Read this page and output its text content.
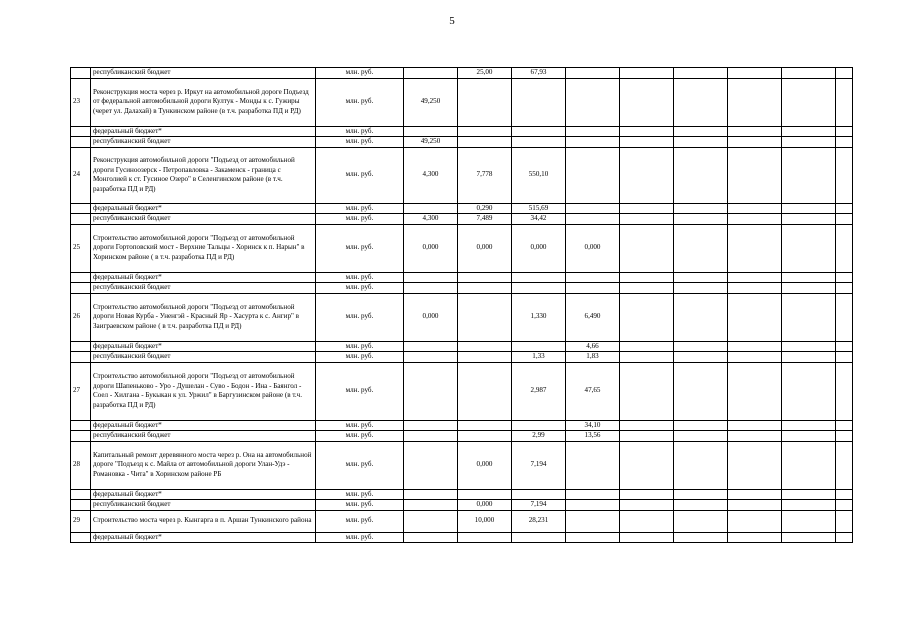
5
	республиканский бюджет	млн. руб.		25,00	67,93						
23	Реконструкция моста через р. Иркут на автомобильной дороге Подъезд от федеральной автомобильной дороги Култук - Монды к с. Гужиры (черет ул. Далахай) в Тункинском районе (в т.ч. разработка ПД и РД)	млн. руб.	49,250								
	федеральный бюджет*	млн. руб.									
	республиканский бюджет	млн. руб.	49,250								
24	Реконструкция автомобильной дороги "Подъезд от автомобильной дороги Гусиноозерск - Петропавловка - Закаменск - граница с Монголией к ст. Гусиное Озеро" в Селенгинском районе (в т.ч. разработка ПД и РД)	млн. руб.	4,300	7,778	550,10						
	федеральный бюджет*	млн. руб.		0,290	515,69						
	республиканский бюджет	млн. руб.	4,300	7,489	34,42						
25	Строительство автомобильной дороги "Подъезд от автомобильной дороги Гортоповский мост - Верхние Тальцы - Хоринск к п. Нарын" в Хоринском районе ( в т.ч. разработка ПД и РД)	млн. руб.	0,000	0,000	0,000	0,000					
	федеральный бюджет*	млн. руб.									
	республиканский бюджет	млн. руб.									
26	Строительство автомобильной дороги "Подъезд от автомобильной дороги Новая Курба - Уненгэй - Красный Яр - Хасурта к с. Ангир" в Заиграевском районе ( в т.ч. разработка ПД и РД)	млн. руб.	0,000		1,330	6,490					
	федеральный бюджет*	млн. руб.				4,66					
	республиканский бюджет	млн. руб.			1,33	1,83					
27	Строительство автомобильной дороги "Подъезд от автомобильной дороги Шапеньково - Уро - Душелан - Суво - Бодон - Ина - Баянгол - Соел - Хилгана - Букыкан к ул. Уржил" в Баргузинском районе (в т.ч. разработка ПД и РД)	млн. руб.			2,987	47,65					
	федеральный бюджет*	млн. руб.				34,10					
	республиканский бюджет	млн. руб.			2,99	13,56					
28	Капитальный ремонт деревянного моста через р. Она на автомобильной дороге "Подъезд к с. Майла от автомобильной дороги Улан-Удэ - Романовка - Чита" в Хоринском районе РБ	млн. руб.		0,000	7,194						
	федеральный бюджет*	млн. руб.									
	республиканский бюджет	млн. руб.		0,000	7,194						
29	Строительство моста через р. Кынгарга в п. Аршан Тункинского района	млн. руб.		10,000	28,231						
	федеральный бюджет*	млн. руб.									
